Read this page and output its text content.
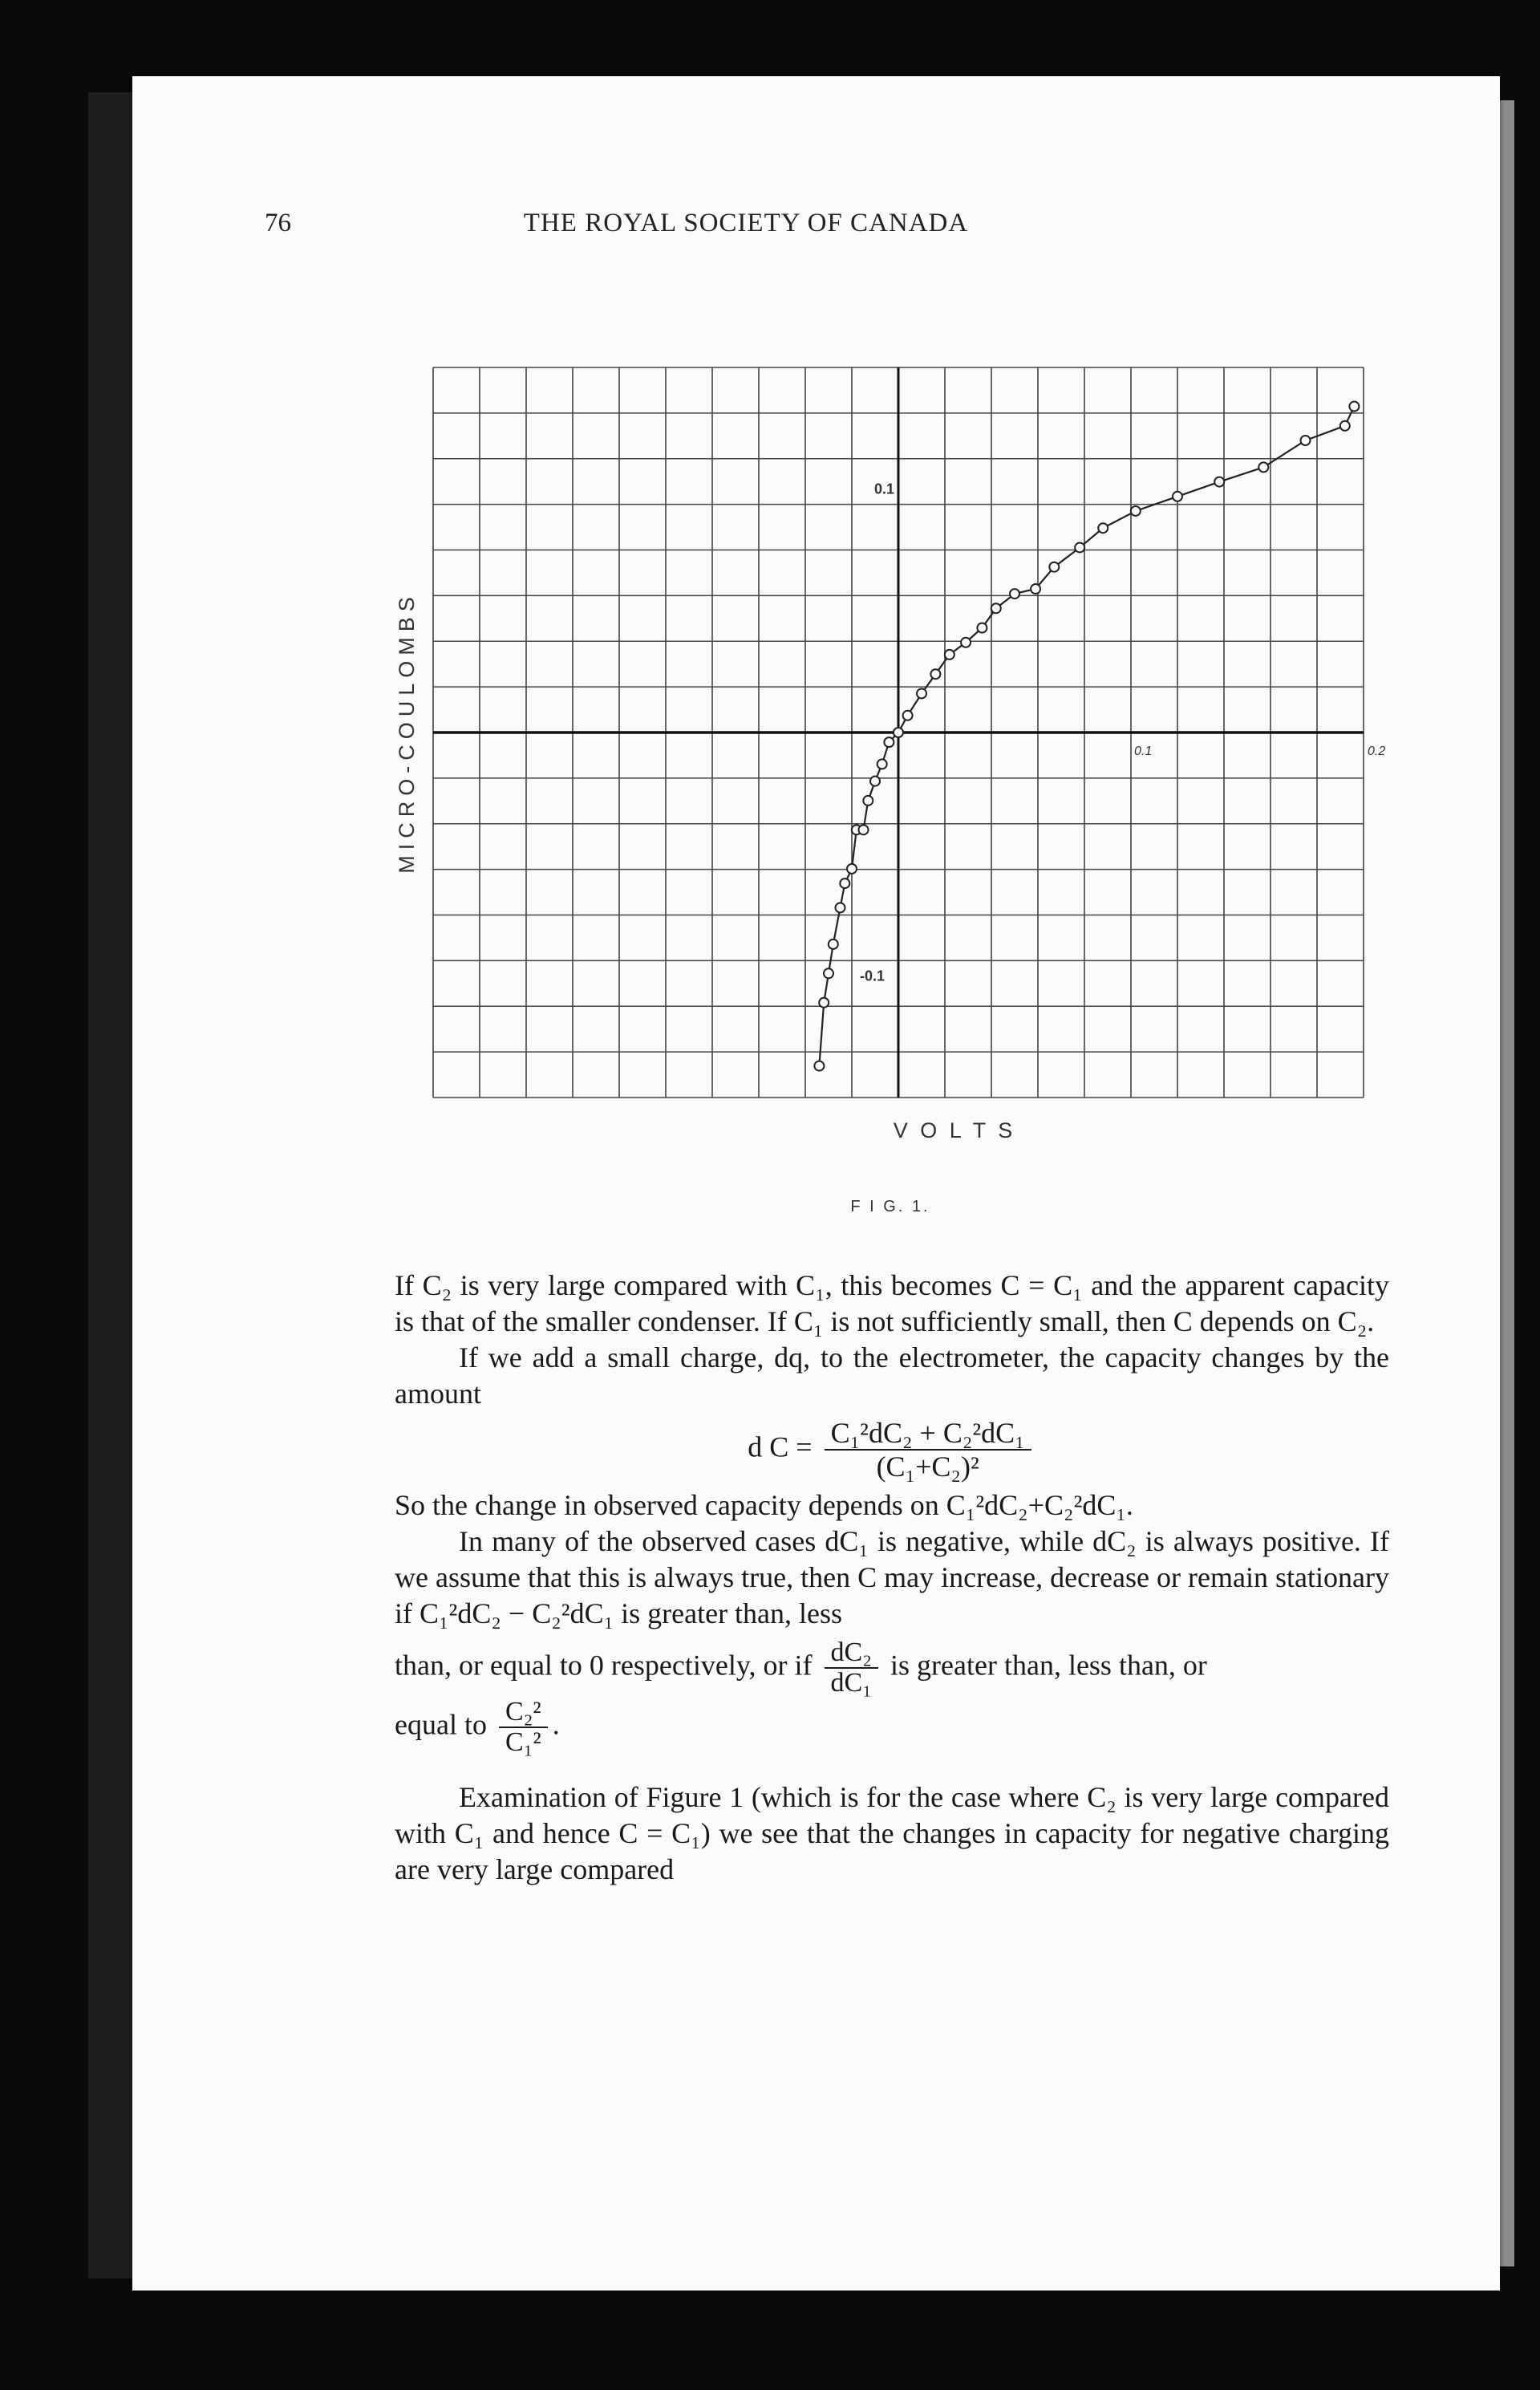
76	THE ROYAL SOCIETY OF CANADA
0.1
-0.1
0.1	0.2
MICRO-COULOMBS
V O L T S
F I G. 1.

If C₂ is very large compared with C₁, this becomes C = C₁ and the apparent capacity is that of the smaller condenser. If C₁ is not sufficiently small, then C depends on C₂.

If we add a small charge, dq, to the electrometer, the capacity changes by the amount

d $C = \frac{\text{C₁²dC₂ + C₂²dC₁}}{\text{(C₁+C₂)²}}$

So the change in observed capacity depends on C₁²dC₂+C₂²dC₁.

In many of the observed cases dC₁ is negative, while dC₂ is always positive. If we assume that this is always true, then C may increase, decrease or remain stationary if C₁²dC₂ − C₂²dC₁ is greater than, less

than, or equal to 0 respectively, or if $\frac{\text{dC₂}}{\text{dC₁}}$ is greater than, less than, or

equal to $\frac{\text{C₂²}}{\text{C₁²}}$ .

Examination of Figure 1 (which is for the case where C₂ is very large compared with C₁ and hence C = C₁) we see that the changes in capacity for negative charging are very large compared
